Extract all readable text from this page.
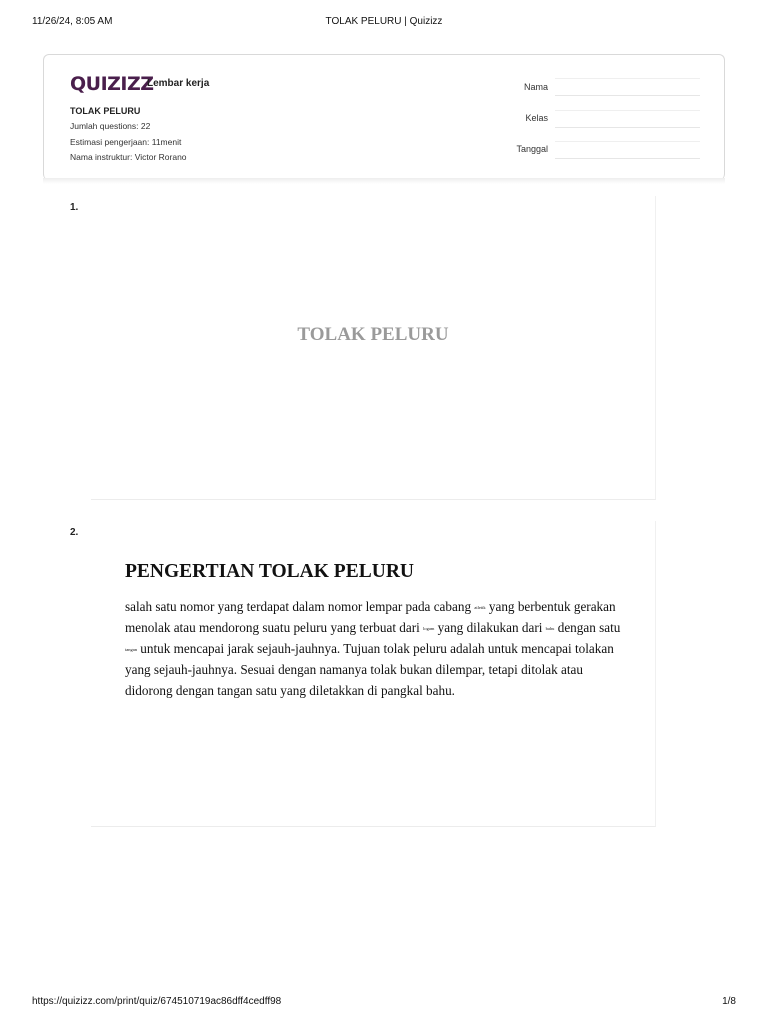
11/26/24, 8:05 AM	TOLAK PELURU | Quizizz
QUIZIZZ
Lembar kerja
TOLAK PELURU
Jumlah questions: 22
Estimasi pengerjaan: 11menit
Nama instruktur: Victor Rorano
Nama
Kelas
Tanggal
1.
TOLAK PELURU
2.
PENGERTIAN TOLAK PELURU
salah satu nomor yang terdapat dalam nomor lempar pada cabang atletik yang berbentuk gerakan menolak atau mendorong suatu peluru yang terbuat dari logam yang dilakukan dari bahu dengan satu tangan untuk mencapai jarak sejauh-jauhnya. Tujuan tolak peluru adalah untuk mencapai tolakan yang sejauh-jauhnya. Sesuai dengan namanya tolak bukan dilempar, tetapi ditolak atau didorong dengan tangan satu yang diletakkan di pangkal bahu.
https://quizizz.com/print/quiz/674510719ac86dff4cedff98	1/8
